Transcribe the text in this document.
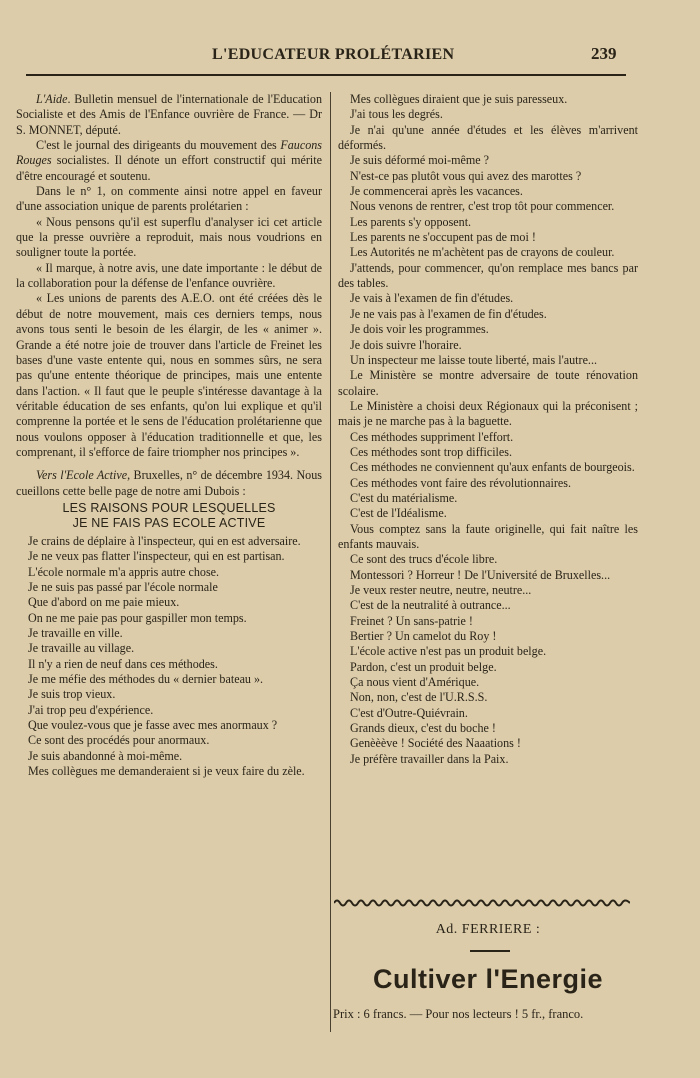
L'EDUCATEUR PROLÉTARIEN	239

L'Aide. Bulletin mensuel de l'internationale de l'Education Socialiste et des Amis de l'Enfance ouvrière de France. — Dr S. MONNET, député.

C'est le journal des dirigeants du mouvement des Faucons Rouges socialistes. Il dénote un effort constructif qui mérite d'être encouragé et soutenu.

Dans le n° 1, on commente ainsi notre appel en faveur d'une association unique de parents prolétarien :

« Nous pensons qu'il est superflu d'analyser ici cet article que la presse ouvrière a reproduit, mais nous voudrions en souligner toute la portée.

« Il marque, à notre avis, une date importante : le début de la collaboration pour la défense de l'enfance ouvrière.

« Les unions de parents des A.E.O. ont été créées dès le début de notre mouvement, mais ces derniers temps, nous avons tous senti le besoin de les élargir, de les « animer ». Grande a été notre joie de trouver dans l'article de Freinet les bases d'une vaste entente qui, nous en sommes sûrs, ne sera pas qu'une entente théorique de principes, mais une entente dans l'action. « Il faut que le peuple s'intéresse davantage à la véritable éducation de ses enfants, qu'on lui explique et qu'il comprenne la portée et le sens de l'éducation prolétarienne que nous voulons opposer à l'éducation traditionnelle et que, les comprenant, il s'efforce de faire triompher nos principes ».

Vers l'Ecole Active, Bruxelles, n° de décembre 1934. Nous cueillons cette belle page de notre ami Dubois :

LES RAISONS POUR LESQUELLES
JE NE FAIS PAS ECOLE ACTIVE

Je crains de déplaire à l'inspecteur, qui en est adversaire.

Je ne veux pas flatter l'inspecteur, qui en est partisan.

L'école normale m'a appris autre chose.

Je ne suis pas passé par l'école normale

Que d'abord on me paie mieux.

On ne me paie pas pour gaspiller mon temps.

Je travaille en ville.

Je travaille au village.

Il n'y a rien de neuf dans ces méthodes.

Je me méfie des méthodes du « dernier bateau ».

Je suis trop vieux.

J'ai trop peu d'expérience.

Que voulez-vous que je fasse avec mes anormaux ?

Ce sont des procédés pour anormaux.

Je suis abandonné à moi-même.

Mes collègues me demanderaient si je veux faire du zèle.

Mes collègues diraient que je suis paresseux.

J'ai tous les degrés.

Je n'ai qu'une année d'études et les élèves m'arrivent déformés.

Je suis déformé moi-même ?

N'est-ce pas plutôt vous qui avez des marottes ?

Je commencerai après les vacances.

Nous venons de rentrer, c'est trop tôt pour commencer.

Les parents s'y opposent.

Les parents ne s'occupent pas de moi !

Les Autorités ne m'achètent pas de crayons de couleur.

J'attends, pour commencer, qu'on remplace mes bancs par des tables.

Je vais à l'examen de fin d'études.

Je ne vais pas à l'examen de fin d'études.

Je dois voir les programmes.

Je dois suivre l'horaire.

Un inspecteur me laisse toute liberté, mais l'autre...

Le Ministère se montre adversaire de toute rénovation scolaire.

Le Ministère a choisi deux Régionaux qui la préconisent ; mais je ne marche pas à la baguette.

Ces méthodes suppriment l'effort.

Ces méthodes sont trop difficiles.

Ces méthodes ne conviennent qu'aux enfants de bourgeois.

Ces méthodes vont faire des révolutionnaires.

C'est du matérialisme.

C'est de l'Idéalisme.

Vous comptez sans la faute originelle, qui fait naître les enfants mauvais.

Ce sont des trucs d'école libre.

Montessori ? Horreur ! De l'Université de Bruxelles...

Je veux rester neutre, neutre, neutre...

C'est de la neutralité à outrance...

Freinet ? Un sans-patrie !

Bertier ? Un camelot du Roy !

L'école active n'est pas un produit belge.

Pardon, c'est un produit belge.

Ça nous vient d'Amérique.

Non, non, c'est de l'U.R.S.S.

C'est d'Outre-Quiévrain.

Grands dieux, c'est du boche !

Genèèève ! Société des Naaations !

Je préfère travailler dans la Paix.

Ad. FERRIERE :
Cultiver l'Energie
Prix : 6 francs. — Pour nos lecteurs ! 5 fr., franco.
